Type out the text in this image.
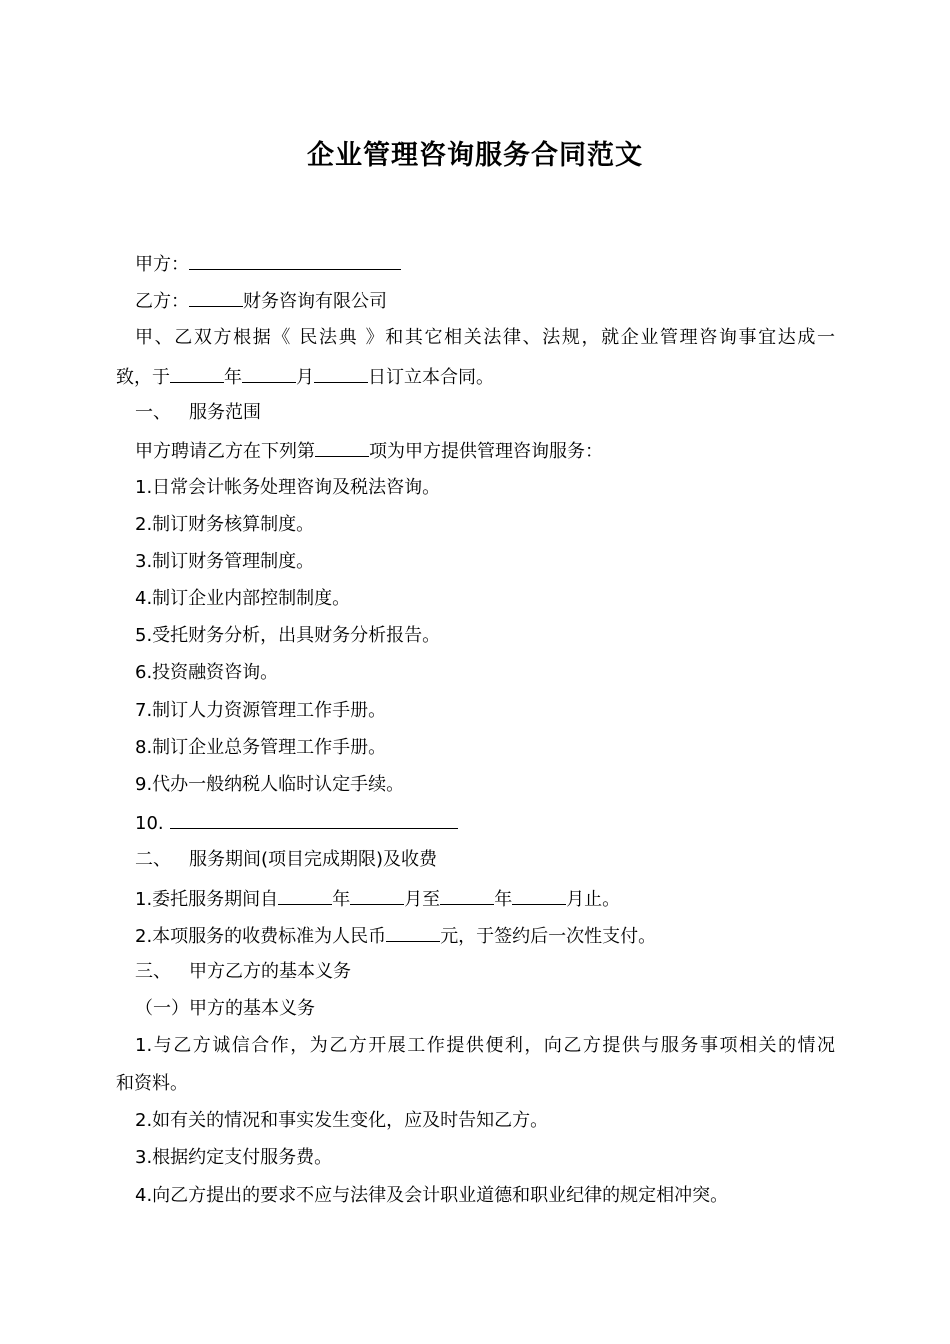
企业管理咨询服务合同范文
甲方：
乙方：	财务咨询有限公司
甲、乙双方根据《 民法典 》和其它相关法律、法规，就企业管理咨询事宜达成一
致，于	年	月	日订立本合同。
一、 服务范围
甲方聘请乙方在下列第	项为甲方提供管理咨询服务：
1.日常会计帐务处理咨询及税法咨询。
2.制订财务核算制度。
3.制订财务管理制度。
4.制订企业内部控制制度。
5.受托财务分析，出具财务分析报告。
6.投资融资咨询。
7.制订人力资源管理工作手册。
8.制订企业总务管理工作手册。
9.代办一般纳税人临时认定手续。
10.
二、 服务期间(项目完成期限)及收费
1.委托服务期间自	年	月至	年	月止。
2.本项服务的收费标准为人民币	元，于签约后一次性支付。
三、 甲方乙方的基本义务
（一）甲方的基本义务
1.与乙方诚信合作，为乙方开展工作提供便利，向乙方提供与服务事项相关的情况
和资料。
2.如有关的情况和事实发生变化，应及时告知乙方。
3.根据约定支付服务费。
4.向乙方提出的要求不应与法律及会计职业道德和职业纪律的规定相冲突。
